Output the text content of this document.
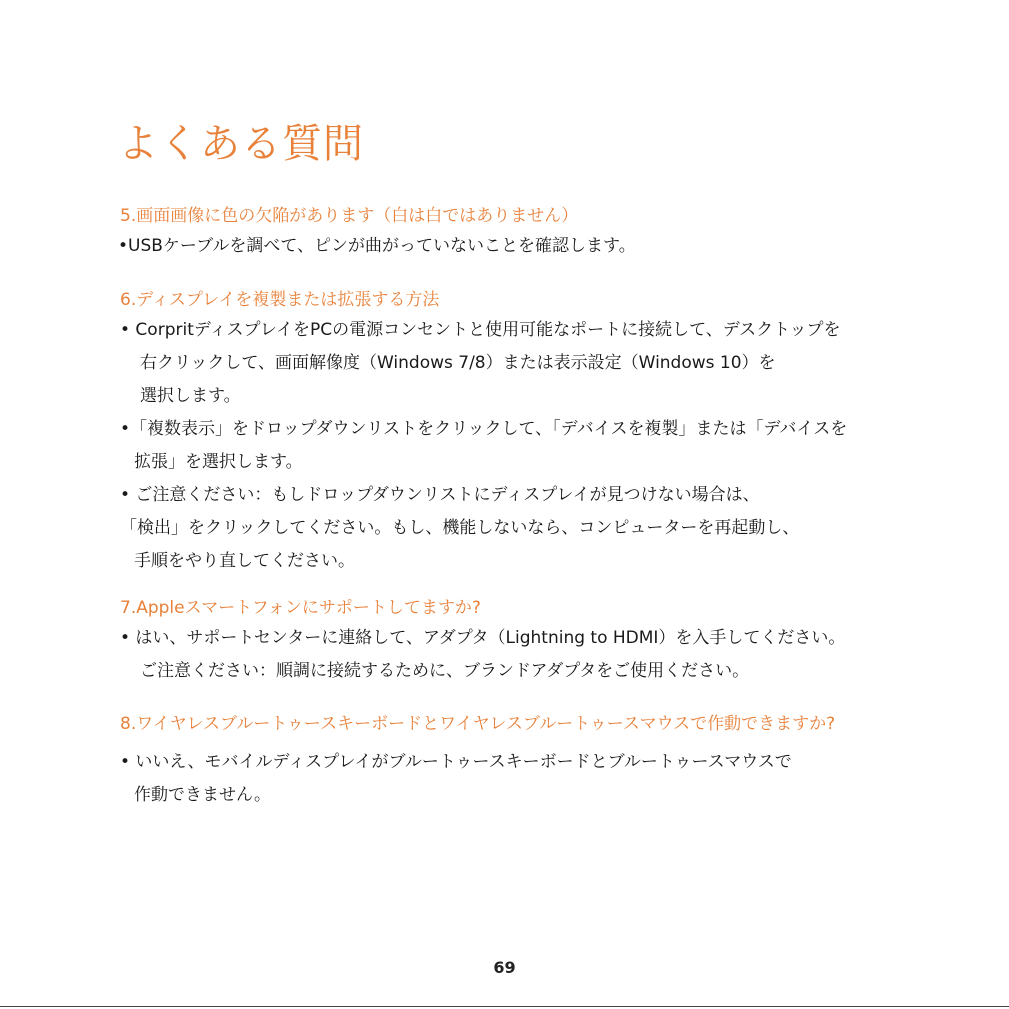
よくある質問
5.画面画像に色の欠陥があります（白は白ではありません）
•USBケーブルを調べて、ピンが曲がっていないことを確認します。
6.ディスプレイを複製または拡張する方法
• CorpritディスプレイをPCの電源コンセントと使用可能なポートに接続して、デスクトップを
右クリックして、画面解像度（Windows 7/8）または表示設定（Windows 10）を
選択します。
•「複数表示」をドロップダウンリストをクリックして、「デバイスを複製」または「デバイスを
拡張」を選択します。
• ご注意ください：もしドロップダウンリストにディスプレイが見つけない場合は、
「検出」をクリックしてください。もし、機能しないなら、コンピューターを再起動し、
手順をやり直してください。
7.Appleスマートフォンにサポートしてますか?
• はい、サポートセンターに連絡して、アダプタ（Lightning to HDMI）を入手してください。
ご注意ください：順調に接続するために、ブランドアダプタをご使用ください。
8.ワイヤレスブルートゥースキーボードとワイヤレスブルートゥースマウスで作動できますか?
• いいえ、モバイルディスプレイがブルートゥースキーボードとブルートゥースマウスで
作動できません。
69
